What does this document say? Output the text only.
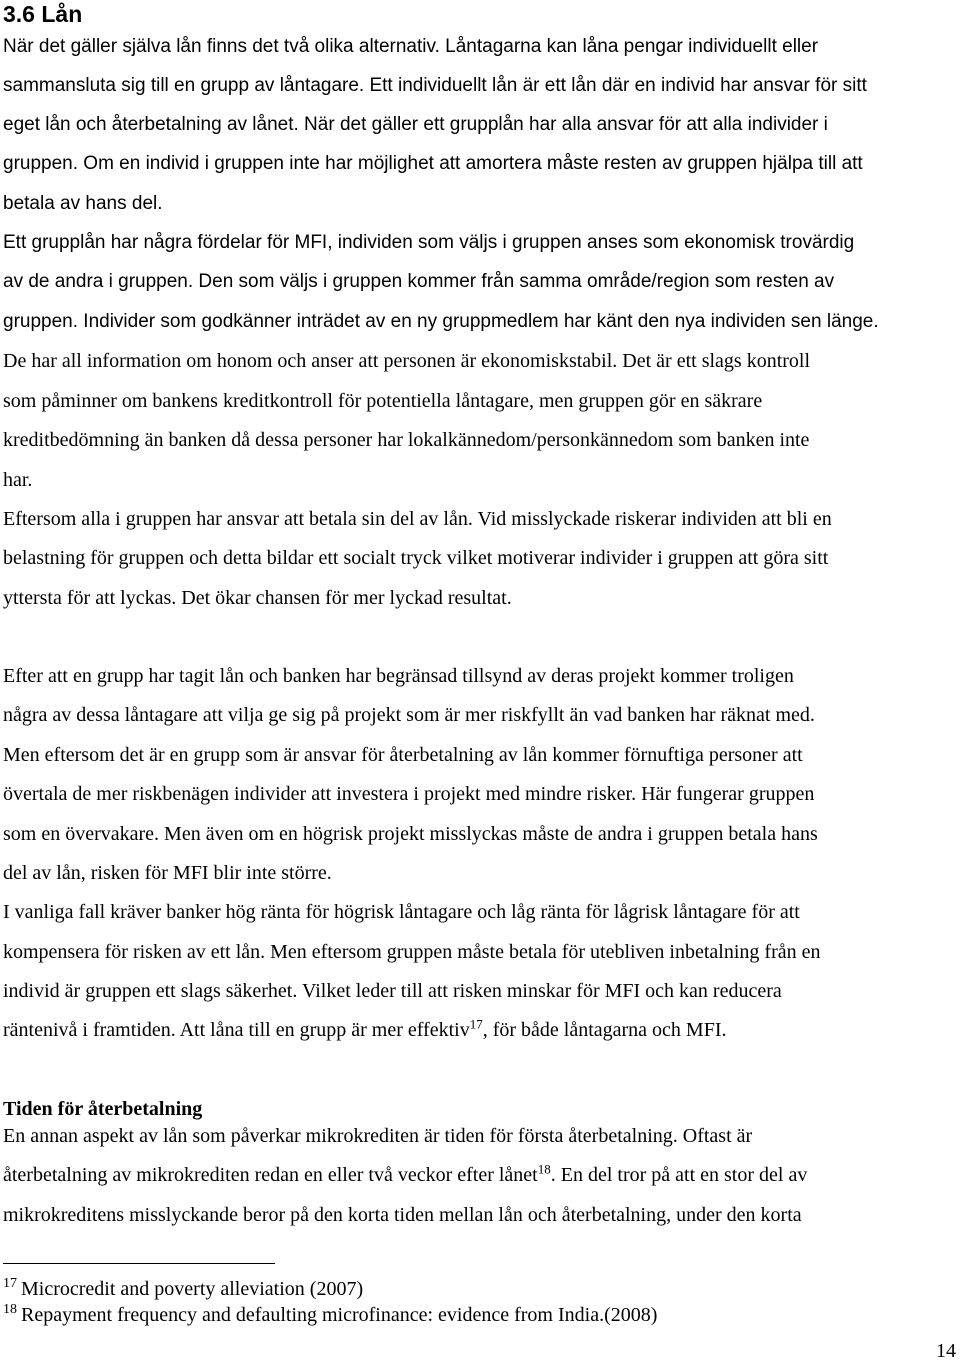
3.6 Lån

När det gäller själva lån finns det två olika alternativ. Låntagarna kan låna pengar individuellt eller

sammansluta sig till en grupp av låntagare. Ett individuellt lån är ett lån där en individ har ansvar för sitt

eget lån och återbetalning av lånet. När det gäller ett grupplån har alla ansvar för att alla individer i

gruppen. Om en individ i gruppen inte har möjlighet att amortera måste resten av gruppen hjälpa till att

betala av hans del.

Ett grupplån har några fördelar för MFI, individen som väljs i gruppen anses som ekonomisk trovärdig

av de andra i gruppen. Den som väljs i gruppen kommer från samma område/region som resten av

gruppen. Individer som godkänner inträdet av en ny gruppmedlem har känt den nya individen sen länge.

De har all information om honom och anser att personen är ekonomiskstabil. Det är ett slags kontroll

som påminner om bankens kreditkontroll för potentiella låntagare, men gruppen gör en säkrare

kreditbedömning än banken då dessa personer har lokalkännedom/personkännedom som banken inte

har.

Eftersom alla i gruppen har ansvar att betala sin del av lån. Vid misslyckade riskerar individen att bli en

belastning för gruppen och detta bildar ett socialt tryck vilket motiverar individer i gruppen att göra sitt

yttersta för att lyckas. Det ökar chansen för mer lyckad resultat.

Efter att en grupp har tagit lån och banken har begränsad tillsynd av deras projekt kommer troligen

några av dessa låntagare att vilja ge sig på projekt som är mer riskfyllt än vad banken har räknat med.

Men eftersom det är en grupp som är ansvar för återbetalning av lån kommer förnuftiga personer att

övertala de mer riskbenägen individer att investera i projekt med mindre risker. Här fungerar gruppen

som en övervakare. Men även om en högrisk projekt misslyckas måste de andra i gruppen betala hans

del av lån, risken för MFI blir inte större.

I vanliga fall kräver banker hög ränta för högrisk låntagare och låg ränta för lågrisk låntagare för att

kompensera för risken av ett lån. Men eftersom gruppen måste betala för utebliven inbetalning från en

individ är gruppen ett slags säkerhet. Vilket leder till att risken minskar för MFI och kan reducera

räntenivå i framtiden. Att låna till en grupp är mer effektiv$^{17}$, för både låntagarna och MFI.

Tiden för återbetalning

En annan aspekt av lån som påverkar mikrokrediten är tiden för första återbetalning. Oftast är

återbetalning av mikrokrediten redan en eller två veckor efter lånet$^{18}$. En del tror på att en stor del av

mikrokreditens misslyckande beror på den korta tiden mellan lån och återbetalning, under den korta

$^{17}$ Microcredit and poverty alleviation (2007)

$^{18}$ Repayment frequency and defaulting microfinance: evidence from India.(2008)

14
